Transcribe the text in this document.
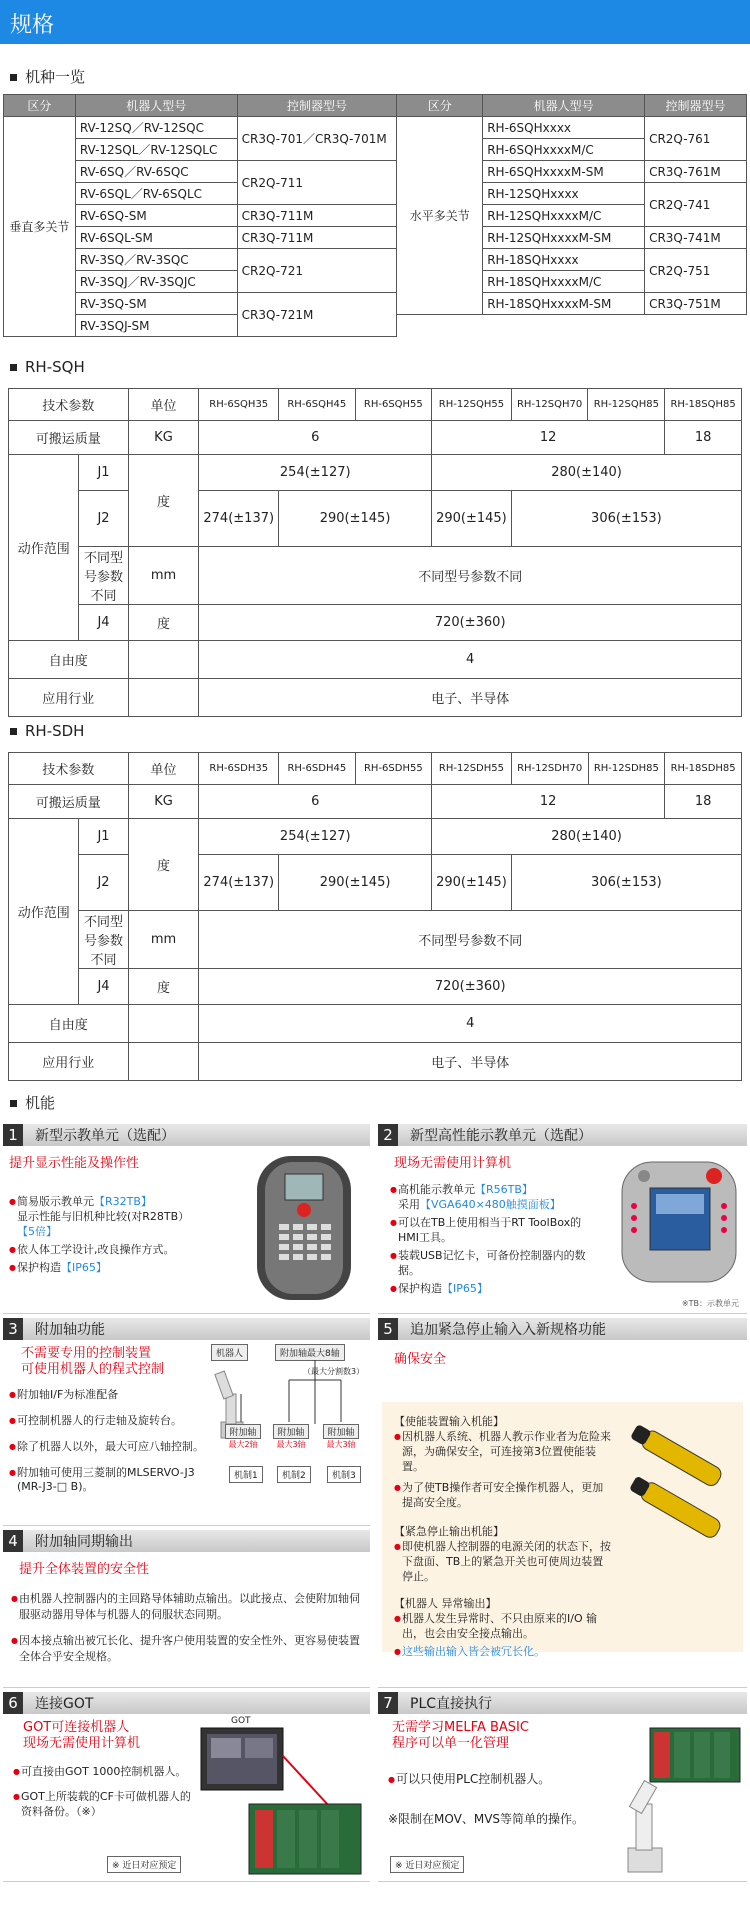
规格
机种一览
区分	机器人型号	控制器型号	区分	机器人型号	控制器型号
垂直多关节	RV-12SQ／RV-12SQC	CR3Q-701／CR3Q-701M	水平多关节	RH-6SQHxxxx	CR2Q-761
	RV-12SQL／RV-12SQLC			RH-6SQHxxxxM/C	
	RV-6SQ／RV-6SQC	CR2Q-711		RH-6SQHxxxxM-SM	CR3Q-761M
	RV-6SQL／RV-6SQLC			RH-12SQHxxxx	CR2Q-741
	RV-6SQ-SM	CR3Q-711M		RH-12SQHxxxxM/C	
	RV-6SQL-SM	CR3Q-711M		RH-12SQHxxxxM-SM	CR3Q-741M
	RV-3SQ／RV-3SQC	CR2Q-721		RH-18SQHxxxx	CR2Q-751
	RV-3SQJ／RV-3SQJC			RH-18SQHxxxxM/C	
	RV-3SQ-SM	CR3Q-721M		RH-18SQHxxxxM-SM	CR3Q-751M
	RV-3SQJ-SM				
RH-SQH
技术参数		单位	RH-6SQH35	RH-6SQH45	RH-6SQH55	RH-12SQH55	RH-12SQH70	RH-12SQH85	RH-18SQH85
可搬运质量		KG	6			12			18
动作范围	J1	度	254(±127)			280(±140)			
	J2		274(±137)	290(±145)		290(±145)	306(±153)		
	不同型号参数不同	mm	不同型号参数不同						
	J4	度	720(±360)						
自由度			4						
应用行业			电子、半导体						
RH-SDH
技术参数		单位	RH-6SDH35	RH-6SDH45	RH-6SDH55	RH-12SDH55	RH-12SDH70	RH-12SDH85	RH-18SDH85
可搬运质量		KG	6			12			18
动作范围	J1	度	254(±127)			280(±140)			
	J2		274(±137)	290(±145)		290(±145)	306(±153)		
	不同型号参数不同	mm	不同型号参数不同						
	J4	度	720(±360)						
自由度			4						
应用行业			电子、半导体						
机能
1 新型示教单元（选配）
提升显示性能及操作性
● 简易版示教单元【R32TB】
显示性能与旧机种比较(对R28TB）
【5倍】
● 依人体工学设计,改良操作方式。
● 保护构造【IP65】
2 新型高性能示教单元（选配）
现场无需使用计算机
● 高机能示教单元【R56TB】
采用【VGA640×480触摸面板】
● 可以在TB上使用相当于RT ToolBox的HMI工具。
● 装载USB记忆卡，可备份控制器内的数据。
● 保护构造【IP65】
※TB：示教单元
3 附加轴功能
不需要专用的控制装置
可使用机器人的程式控制
● 附加轴I/F为标准配备
● 可控制机器人的行走轴及旋转台。
● 除了机器人以外，最大可应八轴控制。
● 附加轴可使用三菱制的MLSERVO-J3 (MR-J3-□ B)。
机器人	附加轴最大8轴
（最大分割数3）
附加轴
最大2轴
附加轴
最大3轴
附加轴
最大3轴
机制1	机制2	机制3
5 追加紧急停止输入入新规格功能
确保安全
【使能装置输入机能】
● 因机器人系统、机器人教示作业者为危险来源，为确保安全，可连接第3位置使能装置。
● 为了使TB操作者可安全操作机器人，更加提高安全度。
【紧急停止输出机能】
● 即使机器人控制器的电源关闭的状态下，按下盘面、TB上的紧急开关也可使周边装置停止。
【机器人 异常输出】
● 机器人发生异常时、不只由原来的I/O 输出，也会由安全接点输出。
● 这些输出输入皆会被冗长化。
4 附加轴同期输出
提升全体装置的安全性
● 由机器人控制器内的主回路导体辅助点输出。以此接点、会使附加轴伺服驱动器用导体与机器人的伺服状态同期。
● 因本接点输出被冗长化、提升客户使用装置的安全性外、更容易使装置全体合乎安全规格。
6 连接GOT
GOT可连接机器人
现场无需使用计算机
● 可直接由GOT 1000控制机器人。
● GOT上所装载的CF卡可做机器人的资料备份。（※）
GOT
※ 近日对应预定
7 PLC直接执行
无需学习MELFA BASIC
程序可以单一化管理
● 可以只使用PLC控制机器人。
※限制在MOV、MVS等简单的操作。
※ 近日对应预定
